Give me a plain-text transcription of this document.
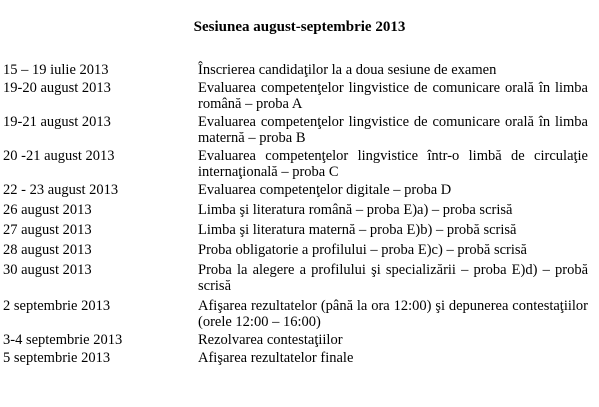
Sesiunea august-septembrie 2013
15 – 19 iulie 2013	Înscrierea candidaţilor la a doua sesiune de examen
19-20 august 2013	Evaluarea competenţelor lingvistice de comunicare orală în limba română – proba A
19-21 august 2013	Evaluarea competenţelor lingvistice de comunicare orală în limba maternă – proba B
20 -21 august 2013	Evaluarea competenţelor lingvistice într-o limbă de circulaţie internaţională – proba C
22 - 23 august 2013	Evaluarea competenţelor digitale – proba D
26 august 2013	Limba şi literatura română – proba E)a) – proba scrisă
27 august 2013	Limba şi literatura maternă – proba E)b) – probă scrisă
28 august 2013	Proba obligatorie a profilului – proba E)c) – probă scrisă
30 august 2013	Proba la alegere a profilului şi specializării – proba E)d) – probă scrisă
2 septembrie 2013	Afişarea rezultatelor (până la ora 12:00) şi depunerea contestaţiilor (orele 12:00 – 16:00)
3-4 septembrie 2013	Rezolvarea contestaţiilor
5 septembrie 2013	Afişarea rezultatelor finale
